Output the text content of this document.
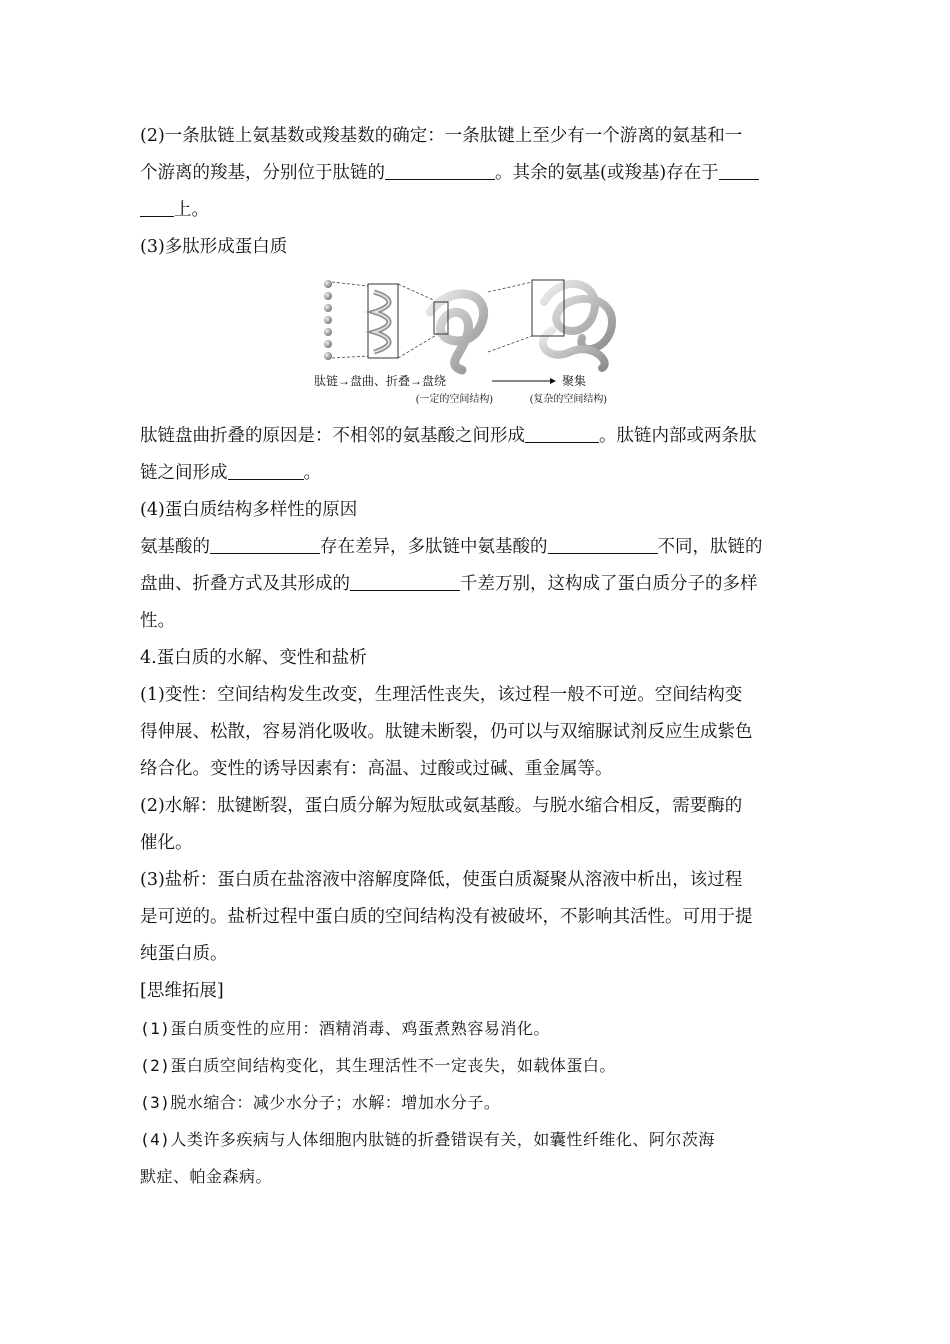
(2)一条肽链上氨基数或羧基数的确定：一条肽键上至少有一个游离的氨基和一
个游离的羧基，分别位于肽链的	。其余的氨基(或羧基)存在于
上。

(3)多肽形成蛋白质

肽链→盘曲、折叠→盘绕	聚集
(一定的空间结构)	(复杂的空间结构)

肽链盘曲折叠的原因是：不相邻的氨基酸之间形成	。肽链内部或两条肽
链之间形成	。

(4)蛋白质结构多样性的原因

氨基酸的	存在差异，多肽链中氨基酸的	不同，肽链的
盘曲、折叠方式及其形成的	千差万别，这构成了蛋白质分子的多样
性。

4.蛋白质的水解、变性和盐析

(1)变性：空间结构发生改变，生理活性丧失，该过程一般不可逆。空间结构变
得伸展、松散，容易消化吸收。肽键未断裂，仍可以与双缩脲试剂反应生成紫色
络合化。变性的诱导因素有：高温、过酸或过碱、重金属等。

(2)水解：肽键断裂，蛋白质分解为短肽或氨基酸。与脱水缩合相反，需要酶的
催化。

(3)盐析：蛋白质在盐溶液中溶解度降低，使蛋白质凝聚从溶液中析出，该过程
是可逆的。盐析过程中蛋白质的空间结构没有被破坏，不影响其活性。可用于提
纯蛋白质。

[思维拓展]

(1)蛋白质变性的应用：酒精消毒、鸡蛋煮熟容易消化。

(2)蛋白质空间结构变化，其生理活性不一定丧失，如载体蛋白。

(3)脱水缩合：减少水分子；水解：增加水分子。

(4)人类许多疾病与人体细胞内肽链的折叠错误有关，如囊性纤维化、阿尔茨海
默症、帕金森病。
